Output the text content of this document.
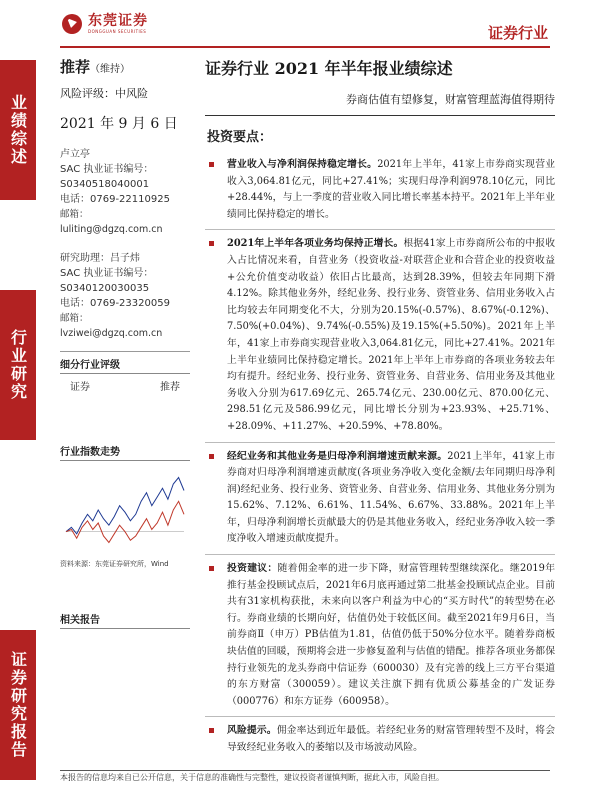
东莞证券
DONGGUAN SECURITIES	证券行业
业绩综述
行业研究
证券研究报告
推荐（维持）
风险评级：中风险
2021 年 9 月 6 日
卢立亭
SAC 执业证书编号：
S0340518040001
电话：0769-22110925
邮箱：luliting@dgzq.com.cn
研究助理：吕子炜
SAC 执业证书编号：
S0340120030035
电话：0769-23320059
邮箱：lvziwei@dgzq.com.cn
细分行业评级
证券	推荐
行业指数走势
资料来源：东莞证券研究所，Wind
相关报告
证券行业 2021 年半年报业绩综述
券商估值有望修复，财富管理蓝海值得期待
投资要点：
营业收入与净利润保持稳定增长。2021年上半年，41家上市券商实现营业收入3,064.81亿元，同比+27.41%；实现归母净利润978.10亿元，同比+28.44%，与上一季度的营业收入同比增长率基本持平。2021年上半年业绩同比保持稳定的增长。
2021年上半年各项业务均保持正增长。根据41家上市券商所公布的中报收入占比情况来看，自营业务（投资收益-对联营企业和合营企业的投资收益+公允价值变动收益）依旧占比最高，达到28.39%，但较去年同期下滑4.12%。除其他业务外，经纪业务、投行业务、资管业务、信用业务收入占比均较去年同期变化不大，分别为20.15%(-0.57%)、8.67%(-0.12%)、7.50%(+0.04%)、9.74%(-0.55%)及19.15%(+5.50%)。2021年上半年，41家上市券商实现营业收入3,064.81亿元，同比+27.41%。2021年上半年业绩同比保持稳定增长。2021年上半年上市券商的各项业务较去年均有提升。经纪业务、投行业务、资管业务、自营业务、信用业务及其他业务收入分别为617.69亿元、265.74亿元、230.00亿元、870.00亿元、298.51亿元及586.99亿元，同比增长分别为+23.93%、+25.71%、+28.09%、+11.27%、+20.59%、+78.80%。
经纪业务和其他业务是归母净利润增速贡献来源。2021上半年，41家上市券商对归母净利润增速贡献度(各项业务净收入变化金额/去年同期归母净利润)经纪业务、投行业务、资管业务、自营业务、信用业务、其他业务分别为15.62%、7.12%、6.61%、11.54%、6.67%、33.88%。2021年上半年，归母净利润增长贡献最大的仍是其他业务收入，经纪业务净收入较一季度净收入增速贡献度提升。
投资建议：随着佣金率的进一步下降，财富管理转型继续深化。继2019年推行基金投顾试点后，2021年6月底再通过第二批基金投顾试点企业。目前共有31家机构获批，未来向以客户利益为中心的“买方时代”的转型势在必行。券商业绩的长期向好，估值仍处于较低区间。截至2021年9月6日，当前券商Ⅱ（申万）PB估值为1.81，估值仍低于50%分位水平。随着券商板块估值的回暖，预期将会进一步修复盈利与估值的错配。推荐各项业务都保持行业领先的龙头券商中信证券（600030）及有完善的线上三方平台渠道的东方财富（300059）。建议关注旗下拥有优质公募基金的广发证券（000776）和东方证券（600958）。
风险提示。佣金率达到近年最低。若经纪业务的财富管理转型不及时，将会导致经纪业务收入的萎缩以及市场波动风险。
本报告的信息均来自已公开信息，关于信息的准确性与完整性，建议投资者谨慎判断，据此入市，风险自担。
